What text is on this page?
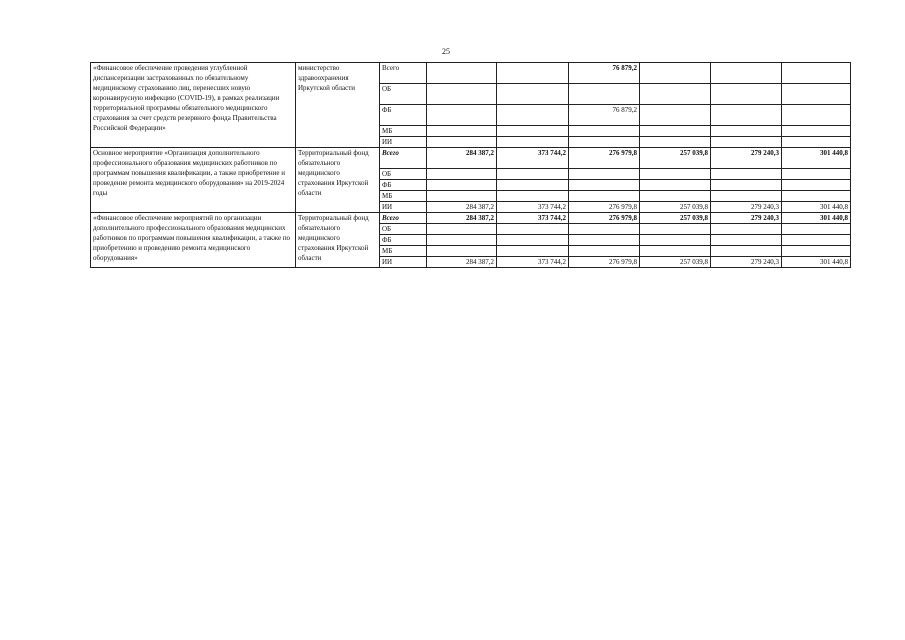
25
«Финансовое обеспечение проведения углубленной диспансеризации застрахованных по обязательному медицинскому страхованию лиц, перенесших новую коронавирусную инфекцию (COVID-19), в рамках реализации территориальной программы обязательного медицинского страхования за счет средств резервного фонда Правительства Российской Федерации»	министерство здравоохранения Иркутской области	Всего			76 879,2			
		ОБ						
		ФБ			76 879,2			
		МБ						
		ИИ						
Основное мероприятие «Организация дополнительного профессионального образования медицинских работников по программам повышения квалификации, а также приобретение и проведение ремонта медицинского оборудования» на 2019-2024 годы	Территориальный фонд обязательного медицинского страхования Иркутской области	Всего	284 387,2	373 744,2	276 979,8	257 039,8	279 240,3	301 440,8
		ОБ						
		ФБ						
		МБ						
		ИИ	284 387,2	373 744,2	276 979,8	257 039,8	279 240,3	301 440,8
«Финансовое обеспечение мероприятий по организации дополнительного профессионального образования медицинских работников по программам повышения квалификации, а также по приобретению и проведению ремонта медицинского оборудования»	Территориальный фонд обязательного медицинского страхования Иркутской области	Всего	284 387,2	373 744,2	276 979,8	257 039,8	279 240,3	301 440,8
		ОБ						
		ФБ						
		МБ						
		ИИ	284 387,2	373 744,2	276 979,8	257 039,8	279 240,3	301 440,8
